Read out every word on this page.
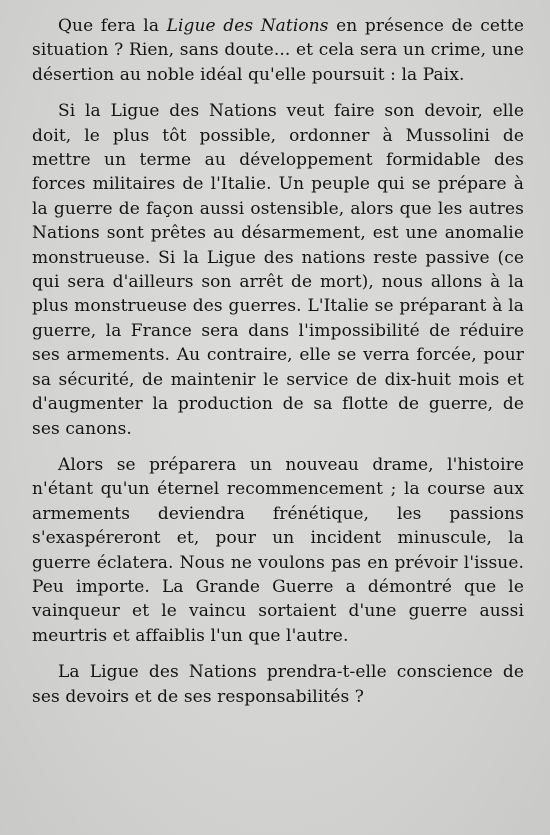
Que fera la Ligue des Nations en présence de cette situation ? Rien, sans doute... et cela sera un crime, une désertion au noble idéal qu'elle poursuit : la Paix.

Si la Ligue des Nations veut faire son devoir, elle doit, le plus tôt possible, ordonner à Mussolini de mettre un terme au développement formidable des forces militaires de l'Italie. Un peuple qui se prépare à la guerre de façon aussi ostensible, alors que les autres Nations sont prêtes au désarmement, est une anomalie monstrueuse. Si la Ligue des nations reste passive (ce qui sera d'ailleurs son arrêt de mort), nous allons à la plus monstrueuse des guerres. L'Italie se préparant à la guerre, la France sera dans l'impossibilité de réduire ses armements. Au contraire, elle se verra forcée, pour sa sécurité, de maintenir le service de dix-huit mois et d'augmenter la production de sa flotte de guerre, de ses canons.

Alors se préparera un nouveau drame, l'histoire n'étant qu'un éternel recommencement ; la course aux armements deviendra frénétique, les passions s'exaspéreront et, pour un incident minuscule, la guerre éclatera. Nous ne voulons pas en prévoir l'issue. Peu importe. La Grande Guerre a démontré que le vainqueur et le vaincu sortaient d'une guerre aussi meurtris et affaiblis l'un que l'autre.

La Ligue des Nations prendra-t-elle conscience de ses devoirs et de ses responsabilités ?
